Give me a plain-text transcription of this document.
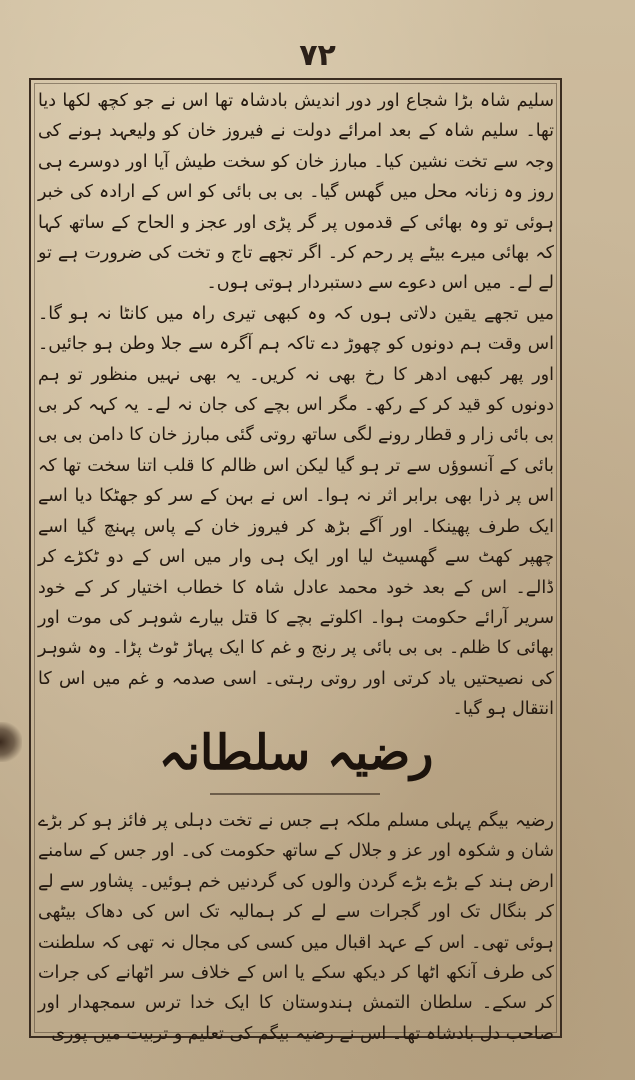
۷۲

سلیم شاہ بڑا شجاع اور دور اندیش بادشاہ تھا اس نے جو کچھ لکھا دیا تھا۔ سلیم شاہ کے بعد امرائے دولت نے فیروز خان کو ولیعہد ہونے کی وجہ سے تخت نشین کیا۔ مبارز خان کو سخت طیش آیا اور دوسرے ہی روز وہ زنانہ محل میں گھس گیا۔ بی بی بائی کو اس کے ارادہ کی خبر ہوئی تو وہ بھائی کے قدموں پر گر پڑی اور عجز و الحاح کے ساتھ کہا کہ بھائی میرے بیٹے پر رحم کر۔ اگر تجھے تاج و تخت کی ضرورت ہے تو لے لے۔ میں اس دعوے سے دستبردار ہوتی ہوں۔

میں تجھے یقین دلاتی ہوں کہ وہ کبھی تیری راہ میں کانٹا نہ ہو گا۔ اس وقت ہم دونوں کو چھوڑ دے تاکہ ہم آگرہ سے جلا وطن ہو جائیں۔ اور پھر کبھی ادھر کا رخ بھی نہ کریں۔ یہ بھی نہیں منظور تو ہم دونوں کو قید کر کے رکھ۔ مگر اس بچے کی جان نہ لے۔ یہ کہہ کر بی بی بائی زار و قطار رونے لگی ساتھ روتی گئی مبارز خان کا دامن بی بی بائی کے آنسوؤں سے تر ہو گیا لیکن اس ظالم کا قلب اتنا سخت تھا کہ اس پر ذرا بھی برابر اثر نہ ہوا۔ اس نے بہن کے سر کو جھٹکا دیا اسے ایک طرف پھینکا۔ اور آگے بڑھ کر فیروز خان کے پاس پہنچ گیا اسے چھپر کھٹ سے گھسیٹ لیا اور ایک ہی وار میں اس کے دو ٹکڑے کر ڈالے۔ اس کے بعد خود محمد عادل شاہ کا خطاب اختیار کر کے خود سریر آرائے حکومت ہوا۔ اکلوتے بچے کا قتل بیارے شوہر کی موت اور بھائی کا ظلم۔ بی بی بائی پر رنج و غم کا ایک پہاڑ ٹوٹ پڑا۔ وہ شوہر کی نصیحتیں یاد کرتی اور روتی رہتی۔ اسی صدمہ و غم میں اس کا انتقال ہو گیا۔

رضیہ سلطانہ

رضیہ بیگم پہلی مسلم ملکہ ہے جس نے تخت دہلی پر فائز ہو کر بڑے شان و شکوہ اور عز و جلال کے ساتھ حکومت کی۔ اور جس کے سامنے ارض ہند کے بڑے بڑے گردن والوں کی گردنیں خم ہوئیں۔ پشاور سے لے کر بنگال تک اور گجرات سے لے کر ہمالیہ تک اس کی دھاک بیٹھی ہوئی تھی۔ اس کے عہد اقبال میں کسی کی مجال نہ تھی کہ سلطنت کی طرف آنکھ اٹھا کر دیکھ سکے یا اس کے خلاف سر اٹھانے کی جرات کر سکے۔ سلطان التمش ہندوستان کا ایک خدا ترس سمجھدار اور صاحب دل بادشاہ تھا۔ اس نے رضیہ بیگم کی تعلیم و تربیت میں پوری
